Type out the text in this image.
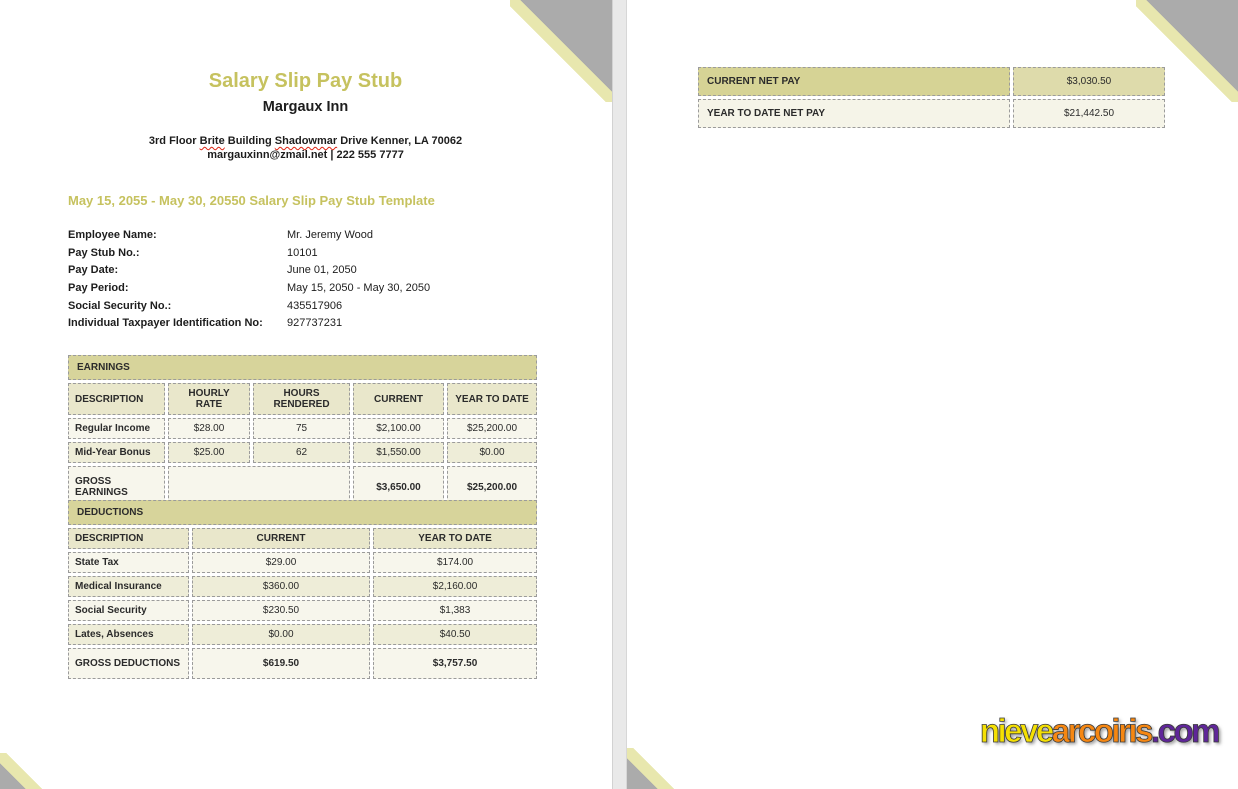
Salary Slip Pay Stub
Margaux Inn
3rd Floor Brite Building Shadowmar Drive Kenner, LA 70062
margauxinn@zmail.net | 222 555 7777
May 15, 2055 - May 30, 20550 Salary Slip Pay Stub Template
Employee Name:	Mr. Jeremy Wood
Pay Stub No.:	10101
Pay Date:	June 01, 2050
Pay Period:	May 15, 2050 - May 30, 2050
Social Security No.:	435517906
Individual Taxpayer Identification No:	927737231
EARNINGS				
DESCRIPTION	HOURLY RATE	HOURS RENDERED	CURRENT	YEAR TO DATE
Regular Income	$28.00	75	$2,100.00	$25,200.00
Mid-Year Bonus	$25.00	62	$1,550.00	$0.00
GROSS EARNINGS			$3,650.00	$25,200.00
DEDUCTIONS		
DESCRIPTION	CURRENT	YEAR TO DATE
State Tax	$29.00	$174.00
Medical Insurance	$360.00	$2,160.00
Social Security	$230.50	$1,383
Lates, Absences	$0.00	$40.50
GROSS DEDUCTIONS	$619.50	$3,757.50
CURRENT NET PAY	$3,030.50
YEAR TO DATE NET PAY	$21,442.50
nievearcoiris.com
